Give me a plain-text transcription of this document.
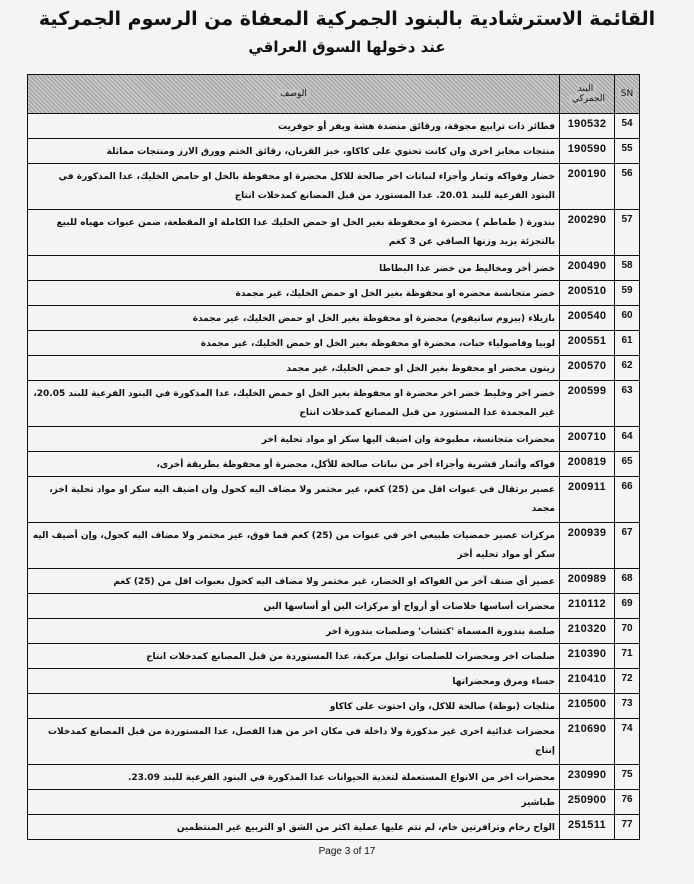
القائمة الاسترشادية بالبنود الجمركية المعفاة من الرسوم الجمركية
عند دخولها السوق العراقي
SN	البند الجمركي	الوصف
54	190532	فطائر ذات ترابيع مجوفة، ورقائق منضدة هشة ويفر أو جوفريت
55	190590	منتجات مخابز اخرى وان كانت تحتوي على كاكاو، خبز القربان، رقائق الختم وورق الارز ومنتجات مماثلة
56	200190	خضار وفواكه وثمار وأجزاء لنباتات اخر صالحة للاكل محضرة او محفوظة بالخل او حامض الخليك، عدا المذكورة في البنود الفرعية للبند 20.01. عدا المستورد من قبل المصانع كمدخلات انتاج
57	200290	بندورة ( طماطم ) محضرة او محفوظة بغير الخل او حمض الخليك عدا الكاملة او المقطعة، ضمن عبوات مهياه للبيع بالتجزئة يزيد وزنها الصافي عن 3 كغم
58	200490	خضر أخر ومخاليط من خضر عدا البطاطا
59	200510	خضر متجانسة محضره او محفوظة بغير الخل او حمض الخليك، غير مجمدة
60	200540	بازيلاء (بيزوم ساتيفوم) محضرة او محفوظة بغير الخل او حمض الخليك، غير مجمدة
61	200551	لوبيا وفاصولياء حبات، محضرة او محفوظة بغير الخل او حمض الخليك، غير مجمدة
62	200570	زيتون محضر او محفوظ بغير الخل او حمض الخليك، غير مجمد
63	200599	خضر اخر وخليط خضر اخر محضرة او محفوظة بغير الخل او حمض الخليك، عدا المذكورة في البنود الفرعية للبند 20.05، غير المجمدة عدا المستورد من قبل المصانع كمدخلات انتاج
64	200710	محضرات متجانسة، مطبوخة وان اضيف اليها سكر او مواد تحلية اخر
65	200819	فواكه وأثمار قشرية وأجزاء أخر من نباتات صالحة للأكل، محضرة أو محفوظة بطريقة أخرى،
66	200911	عصير برتقال في عبوات اقل من (25) كغم، غير مختمر ولا مضاف اليه كحول وان اضيف اليه سكر او مواد تحلية اخر، مجمد
67	200939	مركزات عصير حمضيات طبيعي اخر في عبوات من (25) كغم فما فوق، غير مختمر ولا مضاف اليه كحول، وإن أضيف اليه سكر أو مواد تحليه أخر
68	200989	عصير أي صنف آخر من الفواكه او الخضار، غير مختمر ولا مضاف اليه كحول بعبوات اقل من (25) كغم
69	210112	محضرات أساسها خلاصات أو أرواح أو مركزات البن أو أساسها البن
70	210320	صلصة بندورة المسماة 'كتشاب' وصلصات بندورة اخر
71	210390	صلصات اخر ومحضرات للصلصات توابل مركبة، عدا المستوردة من قبل المصانع كمدخلات انتاج
72	210410	حساء ومرق ومحضراتها
73	210500	مثلجات (بوظة) صالحة للاكل، وان احتوت على كاكاو
74	210690	محضرات غذائية اخرى غير مذكورة ولا داخلة في مكان اخر من هذا الفصل، عدا المستوردة من قبل المصانع كمدخلات إنتاج
75	230990	محضرات اخر من الانواع المستعملة لتغذية الحيوانات عدا المذكورة في البنود الفرعية للبند 23.09.
76	250900	طباشير
77	251511	الواح رخام وترافرتين خام، لم تتم عليها عملية اكثر من الشق او التربيع غير المنتظمين
Page 3 of 17
